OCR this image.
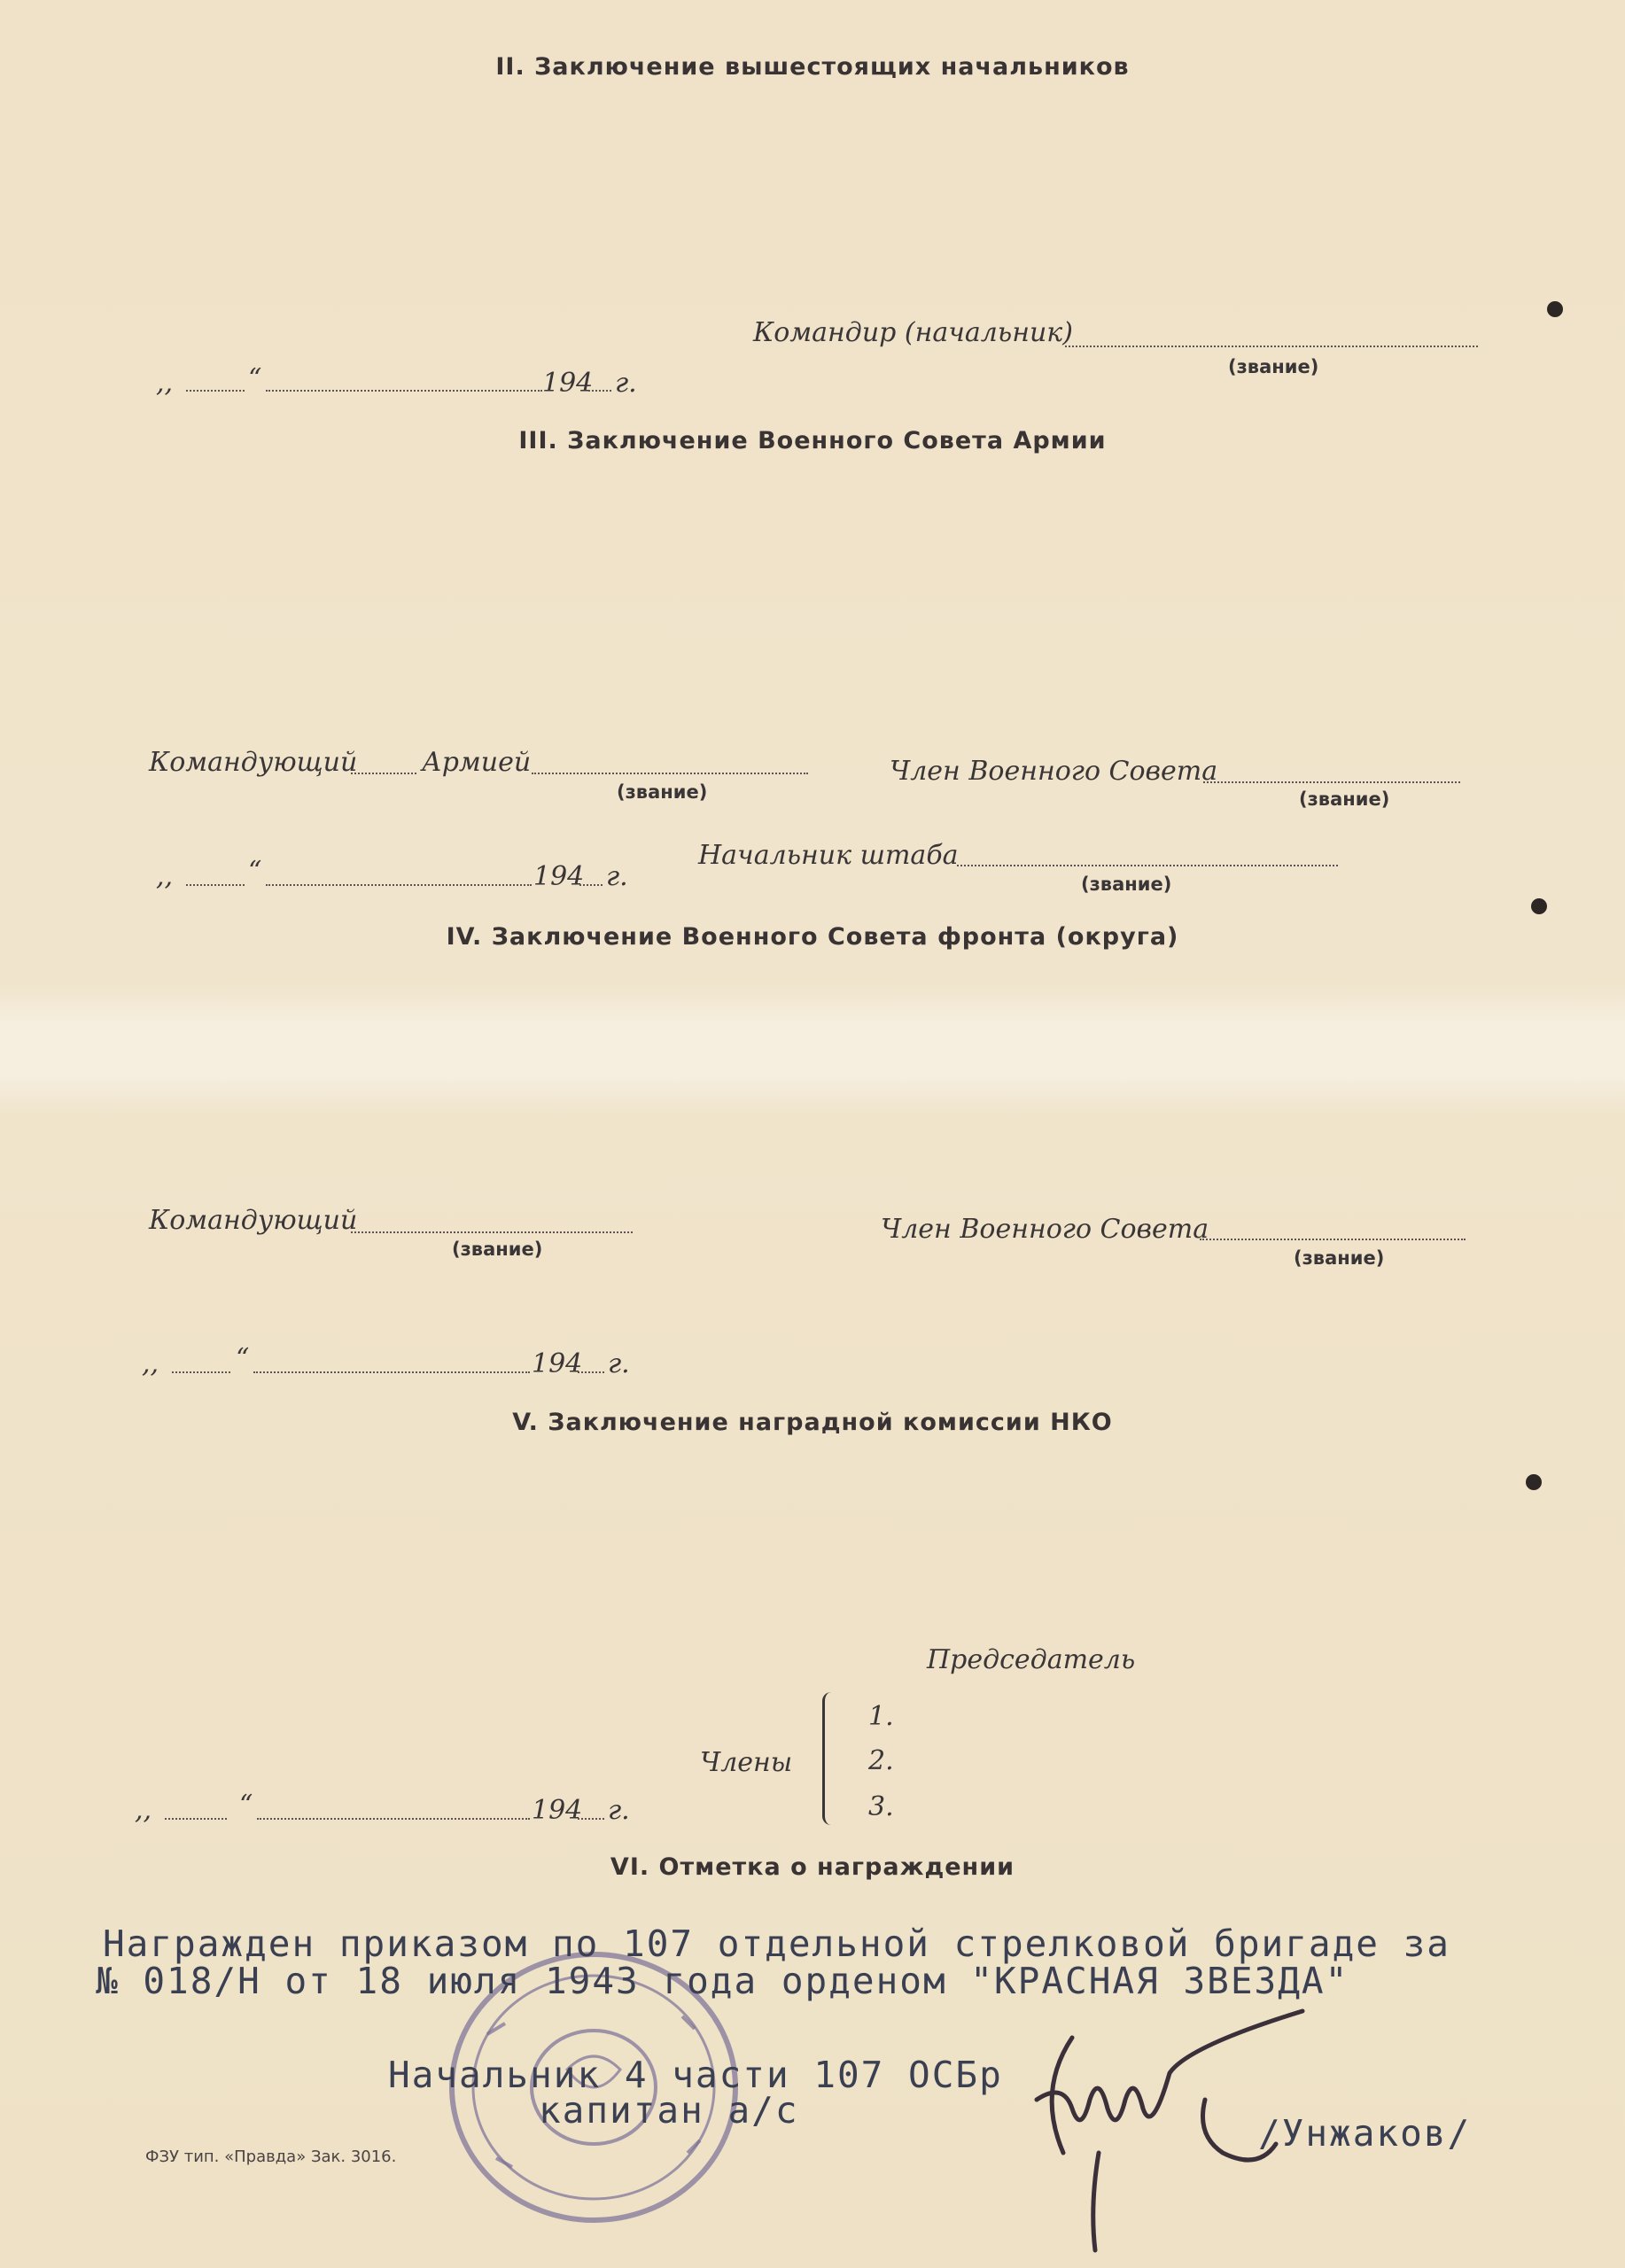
II. Заключение вышестоящих начальников
Командир (начальник)
(звание)
,,	“	194 г.
III. Заключение Военного Совета Армии
Командующий Армией
(звание)
Член Военного Совета
(звание)
Начальник штаба
(звание)
,,	“	194 г.
IV. Заключение Военного Совета фронта (округа)
Командующий
(звание)
Член Военного Совета
(звание)
,,	“	194 г.
V. Заключение наградной комиссии НКО
Председатель
Члены
1.
2.
3.
,,	“	194 г.
VI. Отметка о награждении
Награжден приказом по 107 отдельной стрелковой бригаде за
№ 018/Н от 18 июля 1943 года орденом "КРАСНАЯ ЗВЕЗДА"
Начальник 4 части 107 ОСБр
капитан а/с
/Унжаков/
ФЗУ тип. «Правда» Зак. 3016.
